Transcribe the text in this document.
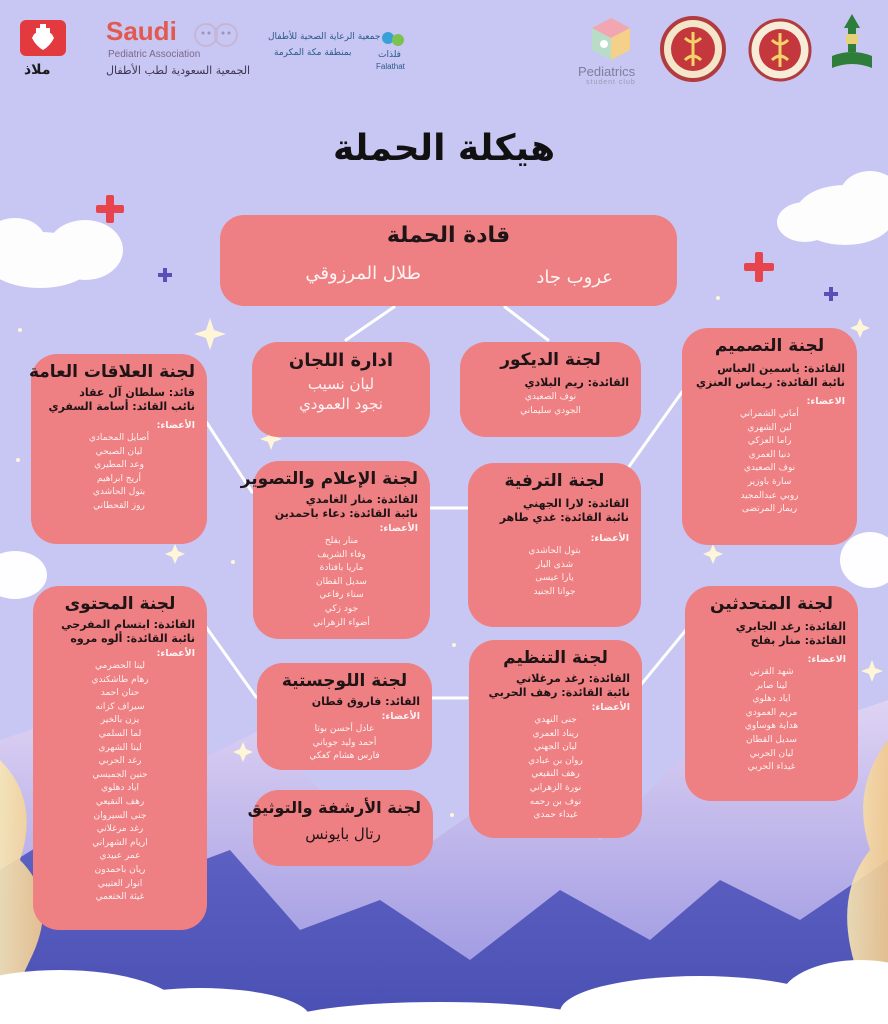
ملاذ
Saudi
Pediatric Association
الجمعية السعودية لطب الأطفال
جمعية الرعاية الصحية للأطفال
بمنطقة مكة المكرمة	فلذات
Falathat	Pediatrics
student club
هيكلة الحملة
قادة الحملة
عروب جاد
طلال المرزوقي
ادارة اللجان
ليان نسيب
نجود العمودي
لجنة الديكور
القائدة: ريم البلادي
نوف الصعيدي
الجودي سليماني
لجنة التصميم
القائدة: ياسمين العباس
نائبة القائدة: ريماس العنزي
الاعضاء:
أماني الشمراني
لين الشهري
راما العزكي
دنيا العمري
نوف الصعيدي
سارة باوزير
روبي عبدالمجيد
ريماز المرتضى
لجنة العلاقات العامة
قائد: سلطان آل عقاد
نائب القائد: أسامة السفري
الأعضاء:
أصايل المحمادي
ليان الصبحي
وعد المطيري
أريج ابراهيم
بتول الحاشدي
روز القحطاني
لجنة الإعلام والتصوير
القائدة: منار الغامدي
نائبة القائدة: دعاء باحمدين
الأعضاء:
منار بفلح
وفاء الشريف
ماريا بافتادة
سديل القطان
سناء رفاعي
جود زكي
أضواء الزهراني
لجنة الترفية
القائدة: لارا الجهني
نائبة القائدة: غدي طاهر
الأعضاء:
بتول الحاشدي
شذى البار
يارا عيسى
جوانا الجنيد
لجنة المتحدثين
القائدة: رغد الجابري
القائدة: منار بفلح
الاعضاء:
شهد القرني
لينا صابر
اياد دهلوي
مريم العمودي
هداية هوساوي
سديل القطان
ليان الحربي
غيداء الحربي
لجنة المحتوى
القائدة: ابتسام المفرجي
نائبة القائدة: ألوه مروه
الأعضاء:
لينا الحضرمي
رهام طاشكندي
حنان احمد
سيراف كزانه
يزن بالخير
لما السلمي
لينا الشهري
رغد الحربي
حنين الجميسي
اياد دهلوي
رهف النقيعي
جنى السيروان
رغد مرغلاني
اريام الشهراني
عمر عبيدي
ريان باحمدون
انوار العتيبي
غيثة الختعمي
لجنة اللوجستية
القائد: فاروق قطان
الأعضاء:
عادل أحسن بوتا
أحمد وليد جوباني
فارس هشام كعكي
لجنة التنظيم
القائدة: رغد مرغلاني
نائبة القائدة: رهف الحربي
الأعضاء:
جنى النهدي
ريناد العمري
ليان الجهني
روان بن عبادي
رهف النقيعي
نورة الزهراني
نوف بن رحمه
غيداء حمدي
لجنة الأرشفة والتوثيق
رتال بايونس
